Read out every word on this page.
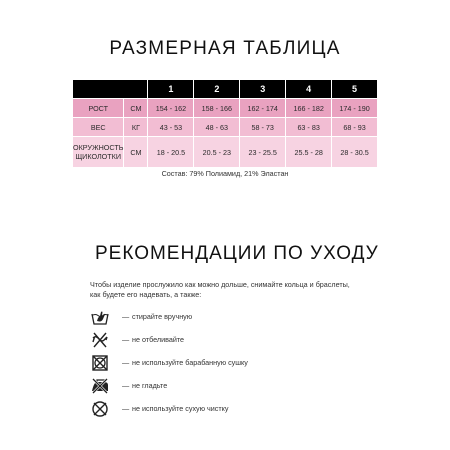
РАЗМЕРНАЯ ТАБЛИЦА
		1	2	3	4	5
РОСТ	СМ	154 - 162	158 - 166	162 - 174	166 - 182	174 - 190
ВЕС	КГ	43 - 53	48 - 63	58 - 73	63 - 83	68 - 93
ОКРУЖНОСТЬ
ЩИКОЛОТКИ	СМ	18 - 20.5	20.5 - 23	23 - 25.5	25.5 - 28	28 - 30.5
Состав: 79% Полиамид, 21% Эластан
РЕКОМЕНДАЦИИ ПО УХОДУ
Чтобы изделие прослужило как можно дольше, снимайте кольца и браслеты,
как будете его надевать, а также:
— стирайте вручную
— не отбеливайте
— не используйте барабанную сушку
— не гладьте
— не используйте сухую чистку
